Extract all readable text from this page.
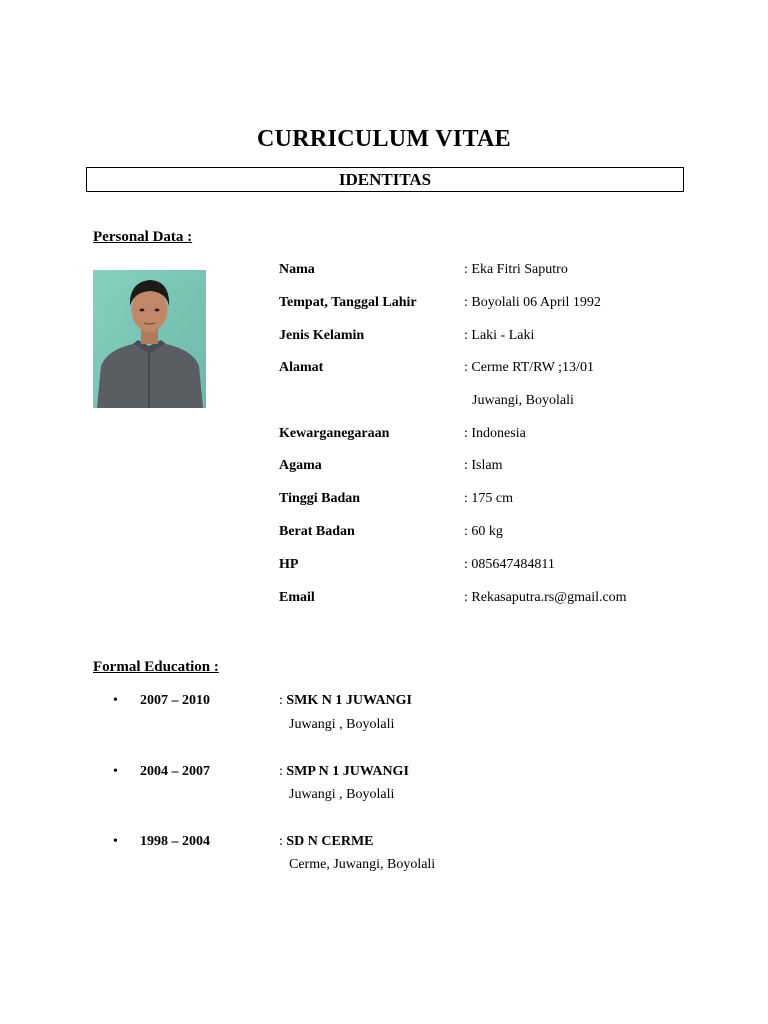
CURRICULUM VITAE
IDENTITAS
Personal Data :
Nama	: Eka Fitri Saputro
Tempat, Tanggal Lahir	: Boyolali 06 April 1992
Jenis Kelamin	: Laki - Laki
Alamat	: Cerme RT/RW ;13/01
Juwangi, Boyolali
Kewarganegaraan	: Indonesia
Agama	: Islam
Tinggi Badan	: 175 cm
Berat Badan	: 60 kg
HP	: 085647484811
Email	: Rekasaputra.rs@gmail.com
Formal Education :
• 2007 – 2010	: SMK N 1 JUWANGI
Juwangi , Boyolali
• 2004 – 2007	: SMP N 1 JUWANGI
Juwangi , Boyolali
• 1998 – 2004	: SD N CERME
Cerme, Juwangi, Boyolali
